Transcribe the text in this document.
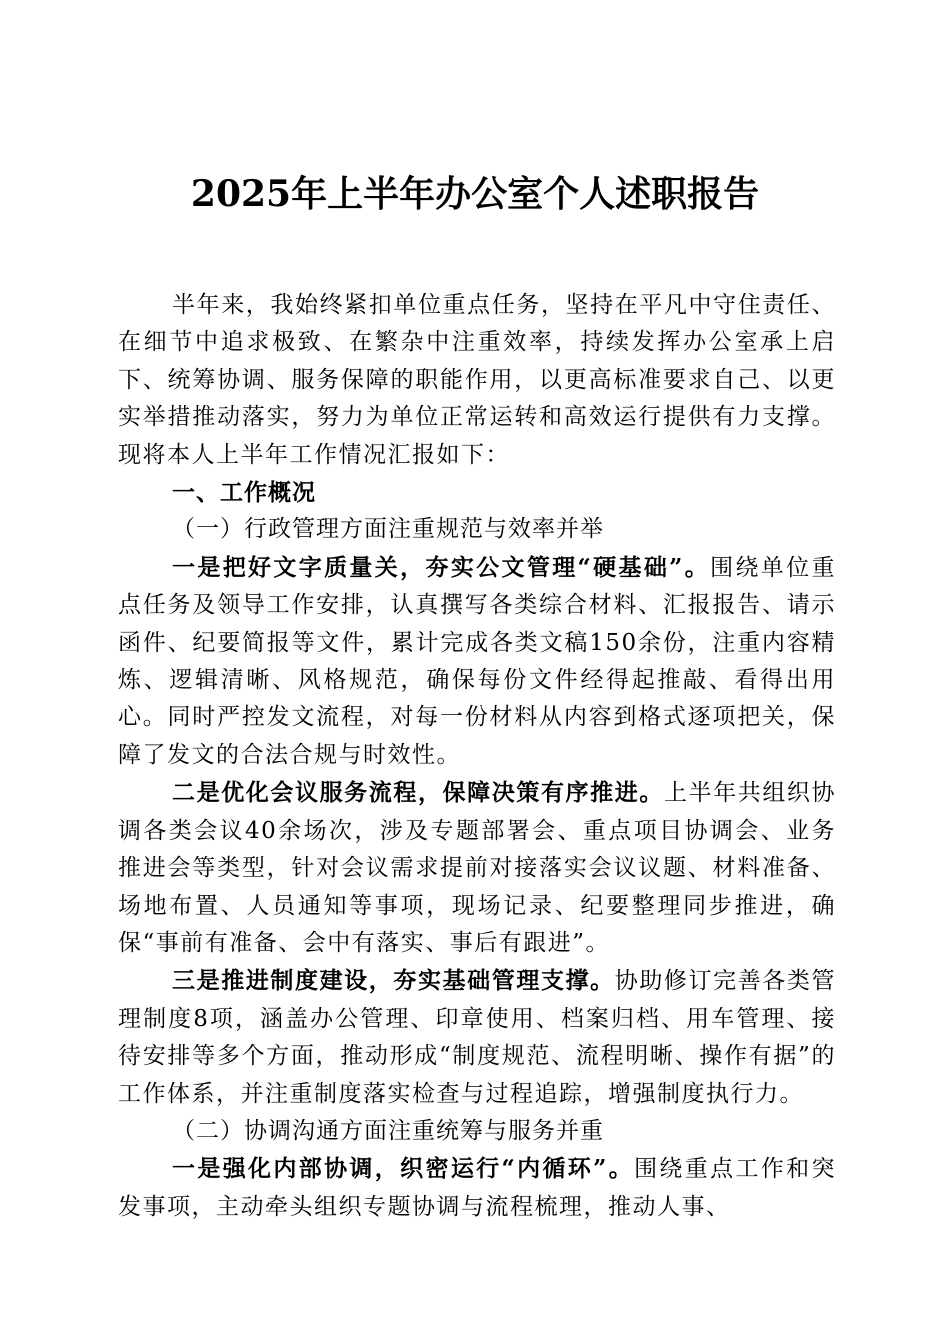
2025年上半年办公室个人述职报告

半年来，我始终紧扣单位重点任务，坚持在平凡中守住责任、在细节中追求极致、在繁杂中注重效率，持续发挥办公室承上启下、统筹协调、服务保障的职能作用，以更高标准要求自己、以更实举措推动落实，努力为单位正常运转和高效运行提供有力支撑。现将本人上半年工作情况汇报如下：

一、工作概况

（一）行政管理方面注重规范与效率并举

一是把好文字质量关，夯实公文管理“硬基础”。围绕单位重点任务及领导工作安排，认真撰写各类综合材料、汇报报告、请示函件、纪要简报等文件，累计完成各类文稿150余份，注重内容精炼、逻辑清晰、风格规范，确保每份文件经得起推敲、看得出用心。同时严控发文流程，对每一份材料从内容到格式逐项把关，保障了发文的合法合规与时效性。

二是优化会议服务流程，保障决策有序推进。上半年共组织协调各类会议40余场次，涉及专题部署会、重点项目协调会、业务推进会等类型，针对会议需求提前对接落实会议议题、材料准备、场地布置、人员通知等事项，现场记录、纪要整理同步推进，确保“事前有准备、会中有落实、事后有跟进”。

三是推进制度建设，夯实基础管理支撑。协助修订完善各类管理制度8项，涵盖办公管理、印章使用、档案归档、用车管理、接待安排等多个方面，推动形成“制度规范、流程明晰、操作有据”的工作体系，并注重制度落实检查与过程追踪，增强制度执行力。

（二）协调沟通方面注重统筹与服务并重

一是强化内部协调，织密运行“内循环”。围绕重点工作和突发事项，主动牵头组织专题协调与流程梳理，推动人事、
